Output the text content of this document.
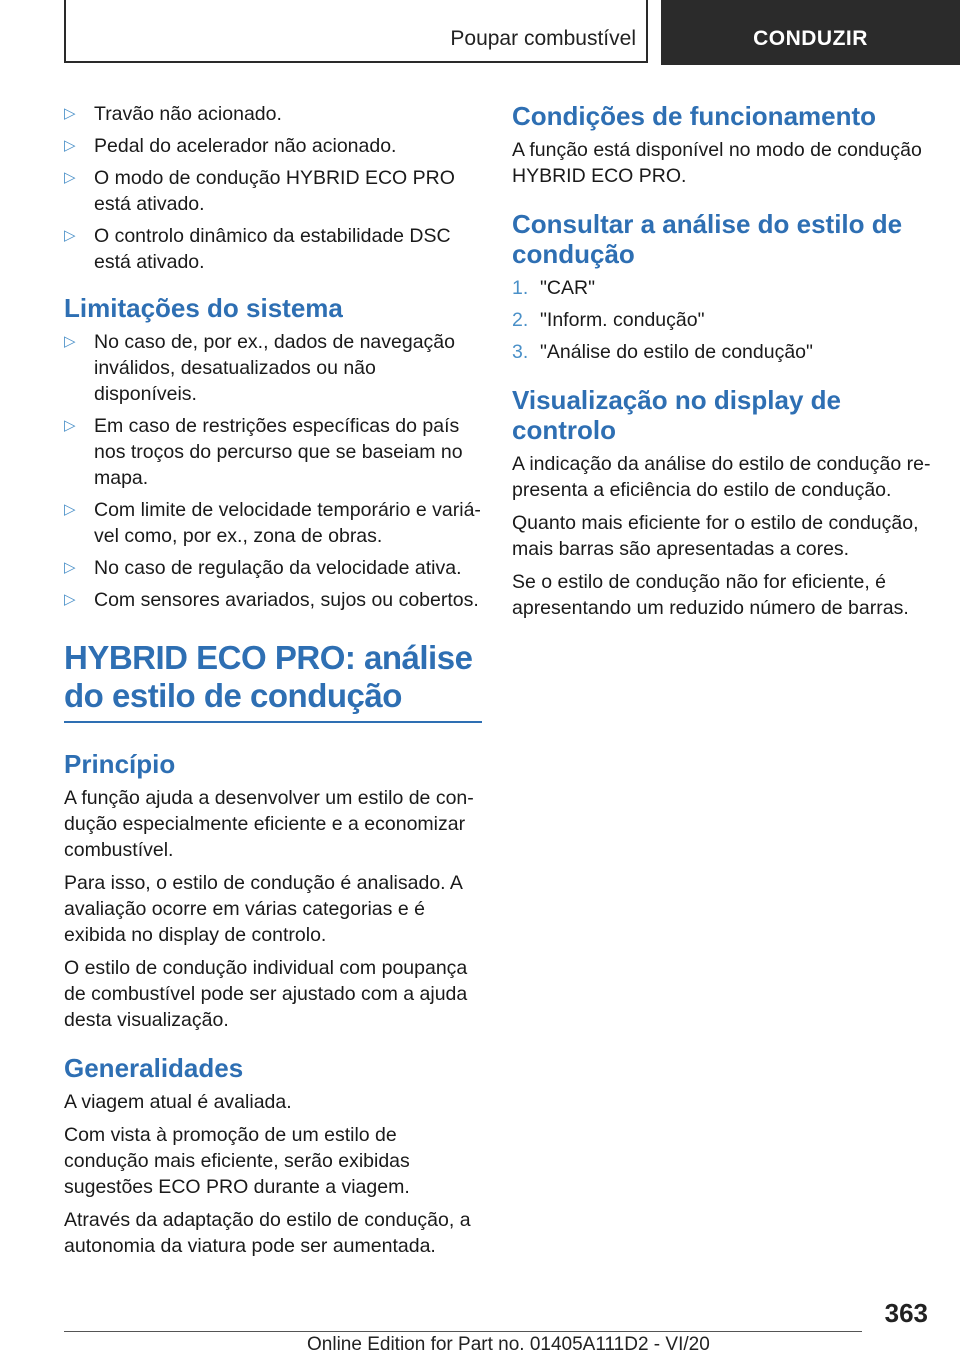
Poupar combustível	CONDUZIR
▷ Travão não acionado.
▷ Pedal do acelerador não acionado.
▷ O modo de condução HYBRID ECO PRO está ativado.
▷ O controlo dinâmico da estabilidade DSC está ativado.
Limitações do sistema
▷ No caso de, por ex., dados de navegação inválidos, desatualizados ou não disponíveis.
▷ Em caso de restrições específicas do país nos troços do percurso que se baseiam no mapa.
▷ Com limite de velocidade temporário e variável como, por ex., zona de obras.
▷ No caso de regulação da velocidade ativa.
▷ Com sensores avariados, sujos ou cobertos.
HYBRID ECO PRO: análise do estilo de condução
Princípio

A função ajuda a desenvolver um estilo de condução especialmente eficiente e a economizar combustível.

Para isso, o estilo de condução é analisado. A avaliação ocorre em várias categorias e é exibida no display de controlo.

O estilo de condução individual com poupança de combustível pode ser ajustado com a ajuda desta visualização.

Generalidades

A viagem atual é avaliada.

Com vista à promoção de um estilo de condução mais eficiente, serão exibidas sugestões ECO PRO durante a viagem.

Através da adaptação do estilo de condução, a autonomia da viatura pode ser aumentada.

Condições de funcionamento

A função está disponível no modo de condução HYBRID ECO PRO.

Consultar a análise do estilo de condução
1. "CAR"
2. "Inform. condução"
3. "Análise do estilo de condução"
Visualização no display de controlo

A indicação da análise do estilo de condução representa a eficiência do estilo de condução.

Quanto mais eficiente for o estilo de condução, mais barras são apresentadas a cores.

Se o estilo de condução não for eficiente, é apresentando um reduzido número de barras.

363
Online Edition for Part no. 01405A111D2 - VI/20
